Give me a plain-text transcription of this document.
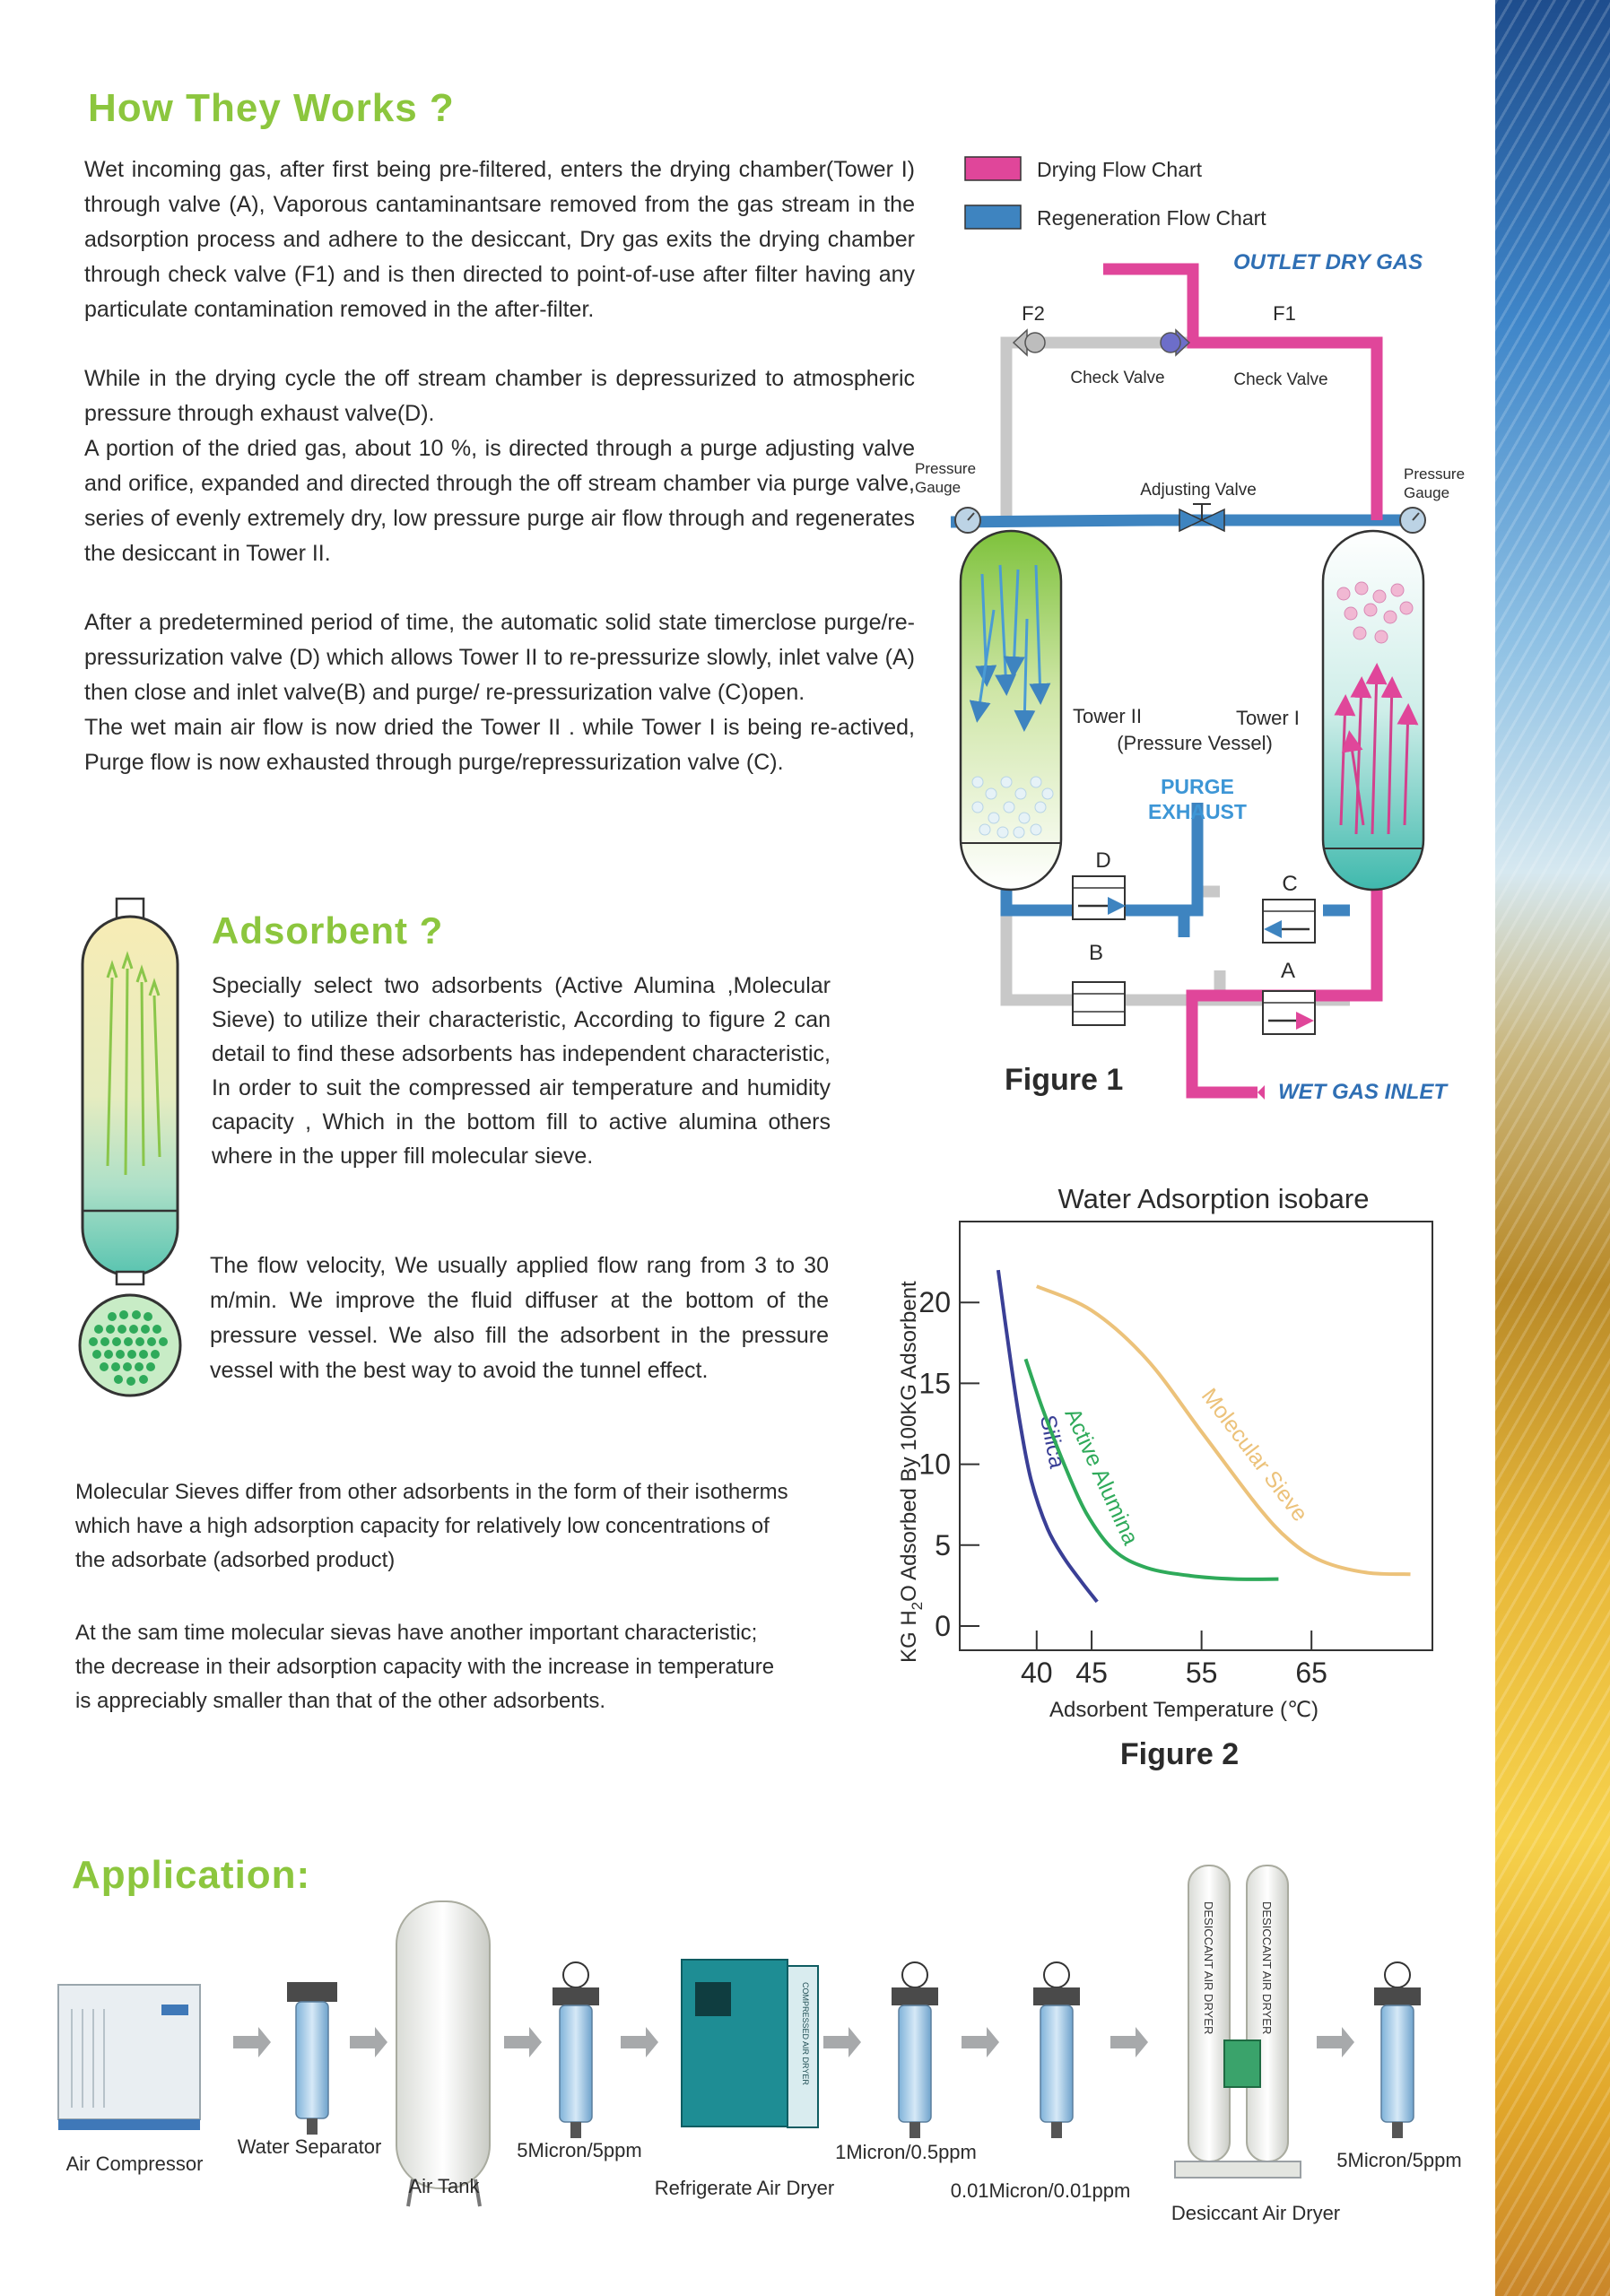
How They Works ?

Wet incoming gas, after first being pre-filtered, enters the drying chamber(Tower I) through valve (A), Vaporous cantaminantsare removed from the gas stream in the adsorption process and adhere to the desiccant, Dry gas exits the drying chamber through check valve (F1) and is then directed to point-of-use after filter having any particulate contamination removed in the after-filter.

While in the drying cycle the off stream chamber is depressurized to atmospheric pressure through exhaust valve(D).

A portion of the dried gas, about 10 %, is directed through a purge adjusting valve and orifice, expanded and directed through the off stream chamber via purge valve, series of evenly extremely dry, low pressure purge air flow through and regenerates the desiccant in Tower II.

After a predetermined period of time, the automatic solid state timerclose purge/re-pressurization valve (D) which allows Tower II to re-pressurize slowly, inlet valve (A) then close and inlet valve(B) and purge/ re-pressurization valve (C)open.

The wet main air flow is now dried the Tower II . while Tower I is being re-actived, Purge flow is now exhausted through purge/repressurization valve (C).

Drying Flow Chart
Regeneration Flow Chart
F2	F1
Check Valve	Check Valve
OUTLET DRY GAS
Pressure
Gauge
Pressure
Gauge
Adjusting Valve
Tower II	Tower I
(Pressure Vessel)
PURGE
EXHAUST
D
C
B
A
WET GAS INLET
Figure 1
Adsorbent ?
Specially select two adsorbents (Active Alumina ,Molecular Sieve) to utilize their characteristic, According to figure 2 can detail to find these adsorbents has independent characteristic, In order to suit the compressed air temperature and humidity capacity , Which in the bottom fill to active alumina others where in the upper fill molecular sieve.
The flow velocity, We usually applied flow rang from 3 to 30 m/min. We improve the fluid diffuser at the bottom of the pressure vessel. We also fill the adsorbent in the pressure vessel with the best way to avoid the tunnel effect.
Molecular Sieves differ from other adsorbents in the form of their isotherms which have a high adsorption capacity for relatively low concentrations of the adsorbate (adsorbed product)
At the sam time molecular sievas have another important characteristic; the decrease in their adsorption capacity with the increase in temperature is appreciably smaller than that of the other adsorbents.
Water Adsorption isobare
0
5
10
15
20
40 45	55	65
Silica
Active Alumina Molecular Sieve
Adsorbent Temperature (℃)
KG $H_2O$ Adsorbed By 100KG Adsorbent
Figure 2
Application:
COMPRESSED AIR DRYER	DESICCANT AIR DRYER	DESICCANT AIR DRYER
Air Compressor
Water Separator
Air Tank
5Micron/5ppm
Refrigerate Air Dryer
1Micron/0.5ppm
0.01Micron/0.01ppm
Desiccant Air Dryer
5Micron/5ppm
